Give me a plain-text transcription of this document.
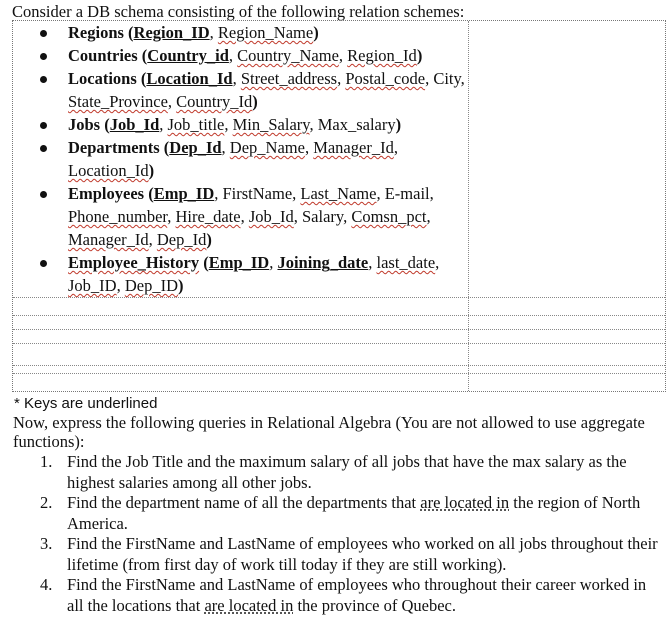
Consider a DB schema consisting of the following relation schemes:
Regions (Region_ID, Region_Name)
Countries (Country_id, Country_Name, Region_Id)
Locations (Location_Id, Street_address, Postal_code, City, State_Province, Country_Id)
Jobs (Job_Id, Job_title, Min_Salary, Max_salary)
Departments (Dep_Id, Dep_Name, Manager_Id, Location_Id)
Employees (Emp_ID, FirstName, Last_Name, E-mail, Phone_number, Hire_date, Job_Id, Salary, Comsn_pct, Manager_Id, Dep_Id)
Employee_History (Emp_ID, Joining_date, last_date, Job_ID, Dep_ID)
* Keys are underlined
Now, express the following queries in Relational Algebra (You are not allowed to use aggregate functions):
1. Find the Job Title and the maximum salary of all jobs that have the max salary as the highest salaries among all other jobs.
2. Find the department name of all the departments that are located in the region of North America.
3. Find the FirstName and LastName of employees who worked on all jobs throughout their lifetime (from first day of work till today if they are still working).
4. Find the FirstName and LastName of employees who throughout their career worked in all the locations that are located in the province of Quebec.
